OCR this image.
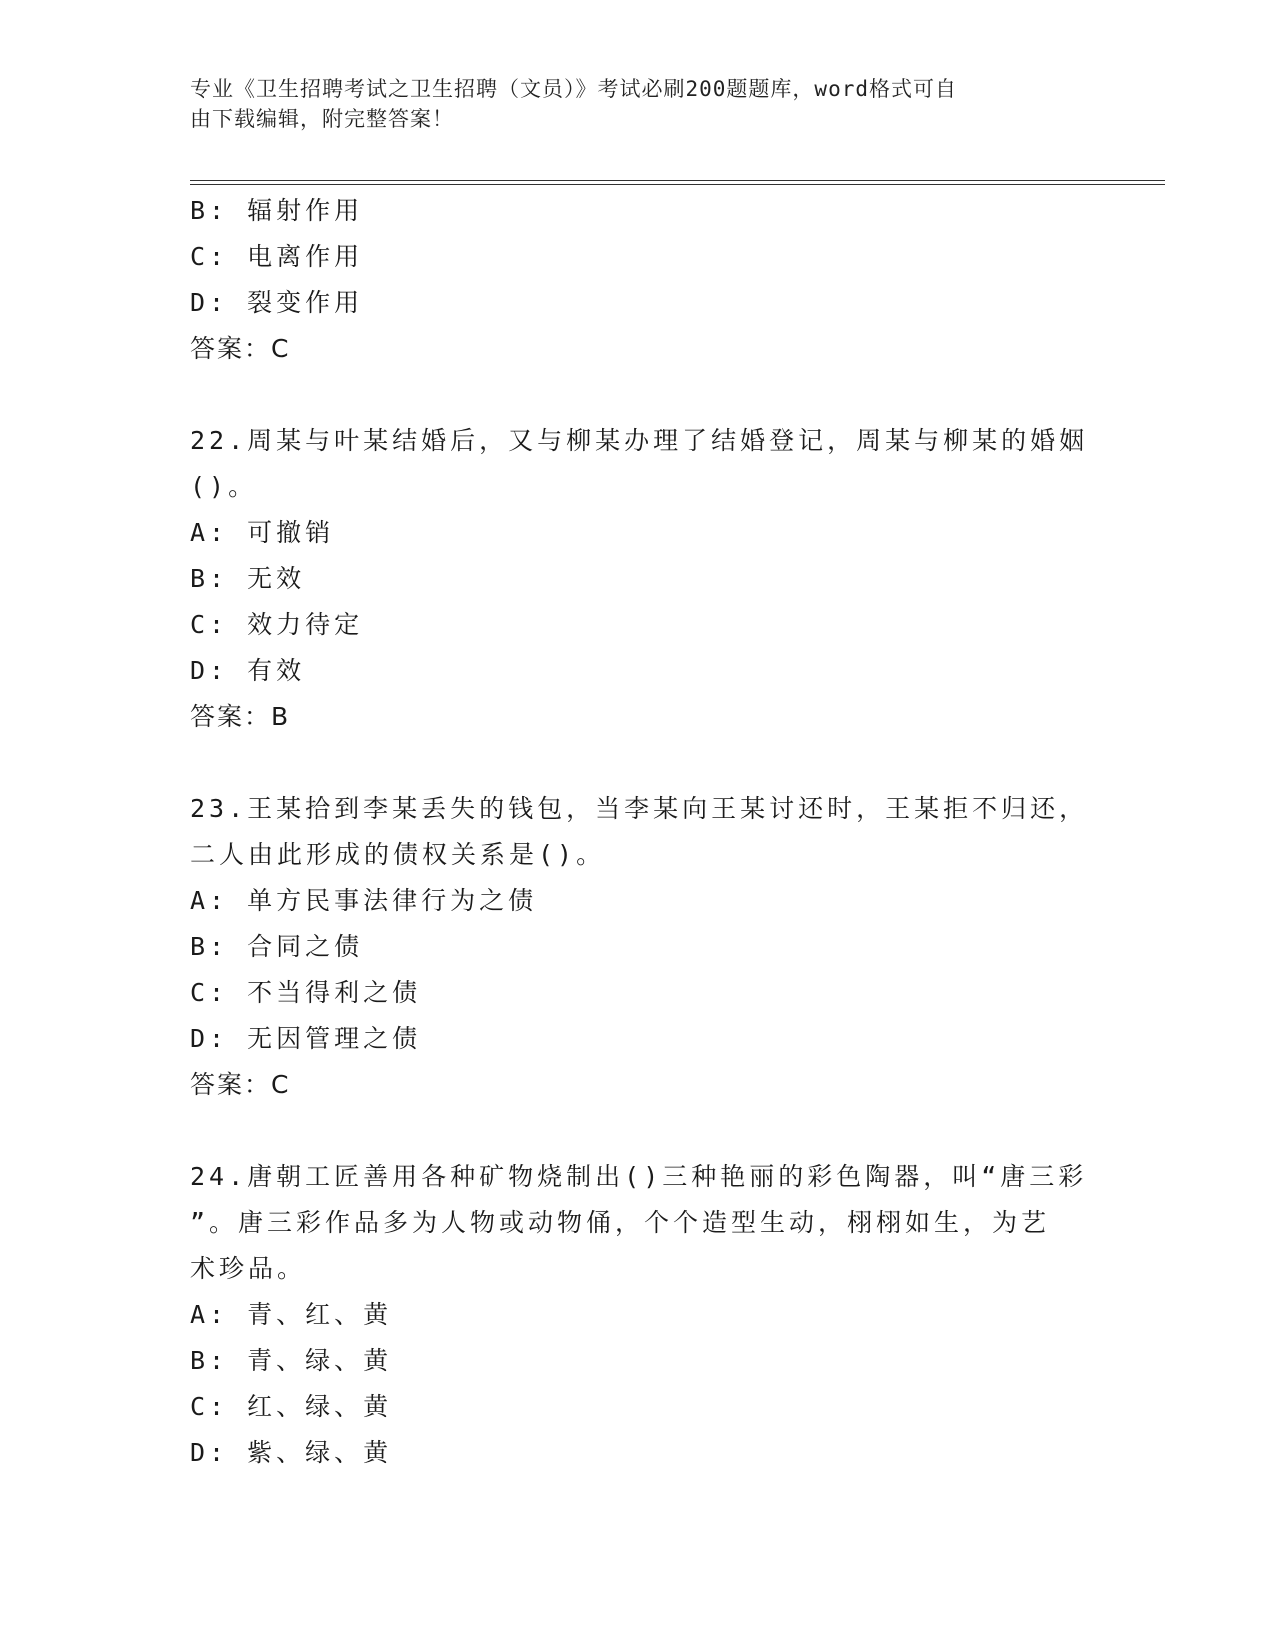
专业《卫生招聘考试之卫生招聘（文员）》考试必刷200题题库，word格式可自
由下载编辑，附完整答案！
B: 辐射作用
C: 电离作用
D: 裂变作用
答案：C
22.周某与叶某结婚后，又与柳某办理了结婚登记，周某与柳某的婚姻
()。
A: 可撤销
B: 无效
C: 效力待定
D: 有效
答案：B
23.王某拾到李某丢失的钱包，当李某向王某讨还时，王某拒不归还，
二人由此形成的债权关系是()。
A: 单方民事法律行为之债
B: 合同之债
C: 不当得利之债
D: 无因管理之债
答案：C
24.唐朝工匠善用各种矿物烧制出()三种艳丽的彩色陶器，叫“唐三彩
”。唐三彩作品多为人物或动物俑，个个造型生动，栩栩如生，为艺
术珍品。
A: 青、红、黄
B: 青、绿、黄
C: 红、绿、黄
D: 紫、绿、黄
